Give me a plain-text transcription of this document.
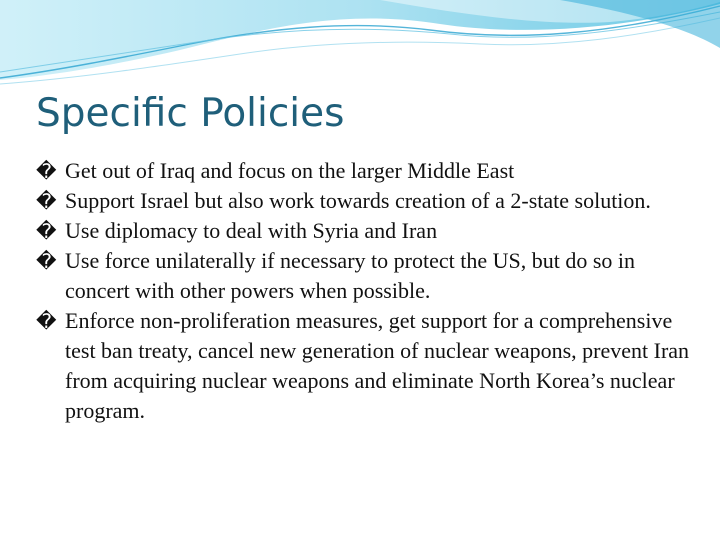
Specific Policies
� Get out of Iraq and focus on the larger Middle East
� Support Israel but also work towards creation of a 2-state solution.
� Use diplomacy to deal with Syria and Iran
� Use force unilaterally if necessary to protect the US, but do so in concert with other powers when possible.
� Enforce non-proliferation measures, get support for a comprehensive test ban treaty, cancel new generation of nuclear weapons, prevent Iran from acquiring nuclear weapons and eliminate North Korea’s nuclear program.
